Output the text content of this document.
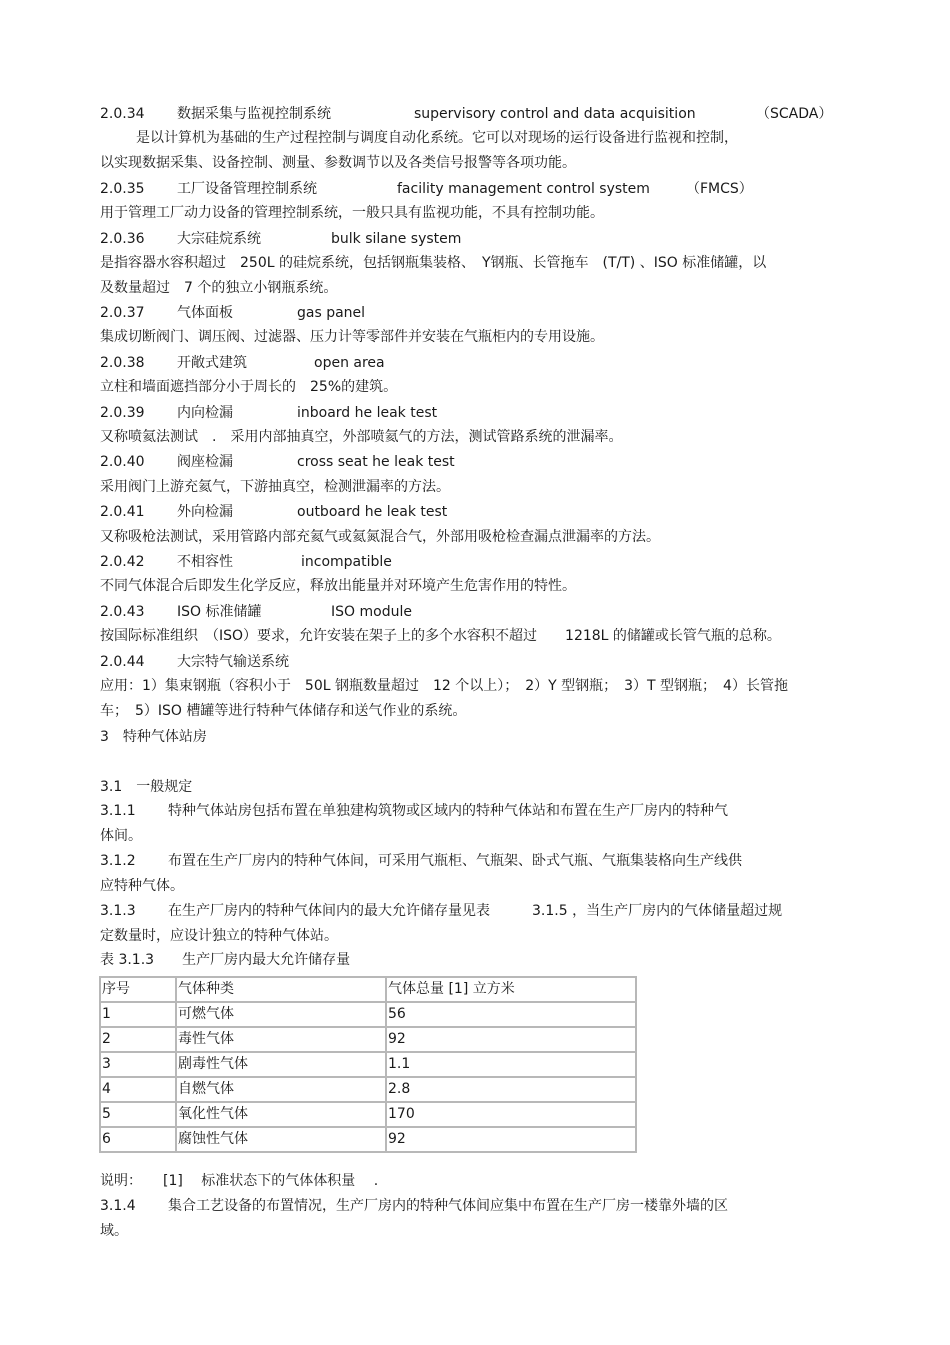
2.0.34 数据采集与监视控制系统	supervisory control and data acquisition	（SCADA）
是以计算机为基础的生产过程控制与调度自动化系统。它可以对现场的运行设备进行监视和控制，
以实现数据采集、设备控制、测量、参数调节以及各类信号报警等各项功能。
2.0.35 工厂设备管理控制系统	facility management control system	（FMCS）
用于管理工厂动力设备的管理控制系统，一般只具有监视功能，不具有控制功能。
2.0.36 大宗硅烷系统	bulk silane system
是指容器水容积超过　250L 的硅烷系统，包括钢瓶集装格、　Y钢瓶、长管拖车　(T/T) 、ISO 标准储罐，以
及数量超过　7 个的独立小钢瓶系统。
2.0.37 气体面板	gas panel
集成切断阀门、调压阀、过滤器、压力计等零部件并安装在气瓶柜内的专用设施。
2.0.38 开敞式建筑	open area
立柱和墙面遮挡部分小于周长的　25%的建筑。
2.0.39 内向检漏	inboard he leak test
又称喷氦法测试　.　采用内部抽真空，外部喷氦气的方法，测试管路系统的泄漏率。
2.0.40 阀座检漏	cross seat he leak test
采用阀门上游充氦气，下游抽真空，检测泄漏率的方法。
2.0.41 外向检漏	outboard he leak test
又称吸枪法测试，采用管路内部充氦气或氦氮混合气，外部用吸枪检查漏点泄漏率的方法。
2.0.42 不相容性	incompatible
不同气体混合后即发生化学反应，释放出能量并对环境产生危害作用的特性。
2.0.43 ISO 标准储罐	ISO module
按国际标准组织　（ISO）要求，允许安装在架子上的多个水容积不超过　　1218L 的储罐或长管气瓶的总称。
2.0.44 大宗特气输送系统
应用：1）集束钢瓶（容积小于　50L 钢瓶数量超过　12 个以上）；　2）Y 型钢瓶；　3）T 型钢瓶；　4）长管拖
车；　5）ISO 槽罐等进行特种气体储存和送气作业的系统。
3　特种气体站房
3.1　一般规定
3.1.1 特种气体站房包括布置在单独建构筑物或区域内的特种气体站和布置在生产厂房内的特种气
体间。
3.1.2 布置在生产厂房内的特种气体间，可采用气瓶柜、气瓶架、卧式气瓶、气瓶集装格向生产线供
应特种气体。
3.1.3 在生产厂房内的特种气体间内的最大允许储存量见表　　　3.1.5 ，当生产厂房内的气体储量超过规
定数量时，应设计独立的特种气体站。
表 3.1.3　　生产厂房内最大允许储存量
序号	气体种类	气体总量 [1] 立方米
1	可燃气体	56
2	毒性气体	92
3	剧毒性气体	1.1
4	自燃气体	2.8
5	氧化性气体	170
6	腐蚀性气体	92
说明：　　[1]　 标准状态下的气体体积量　 .
3.1.4 集合工艺设备的布置情况，生产厂房内的特种气体间应集中布置在生产厂房一楼靠外墙的区
域。
